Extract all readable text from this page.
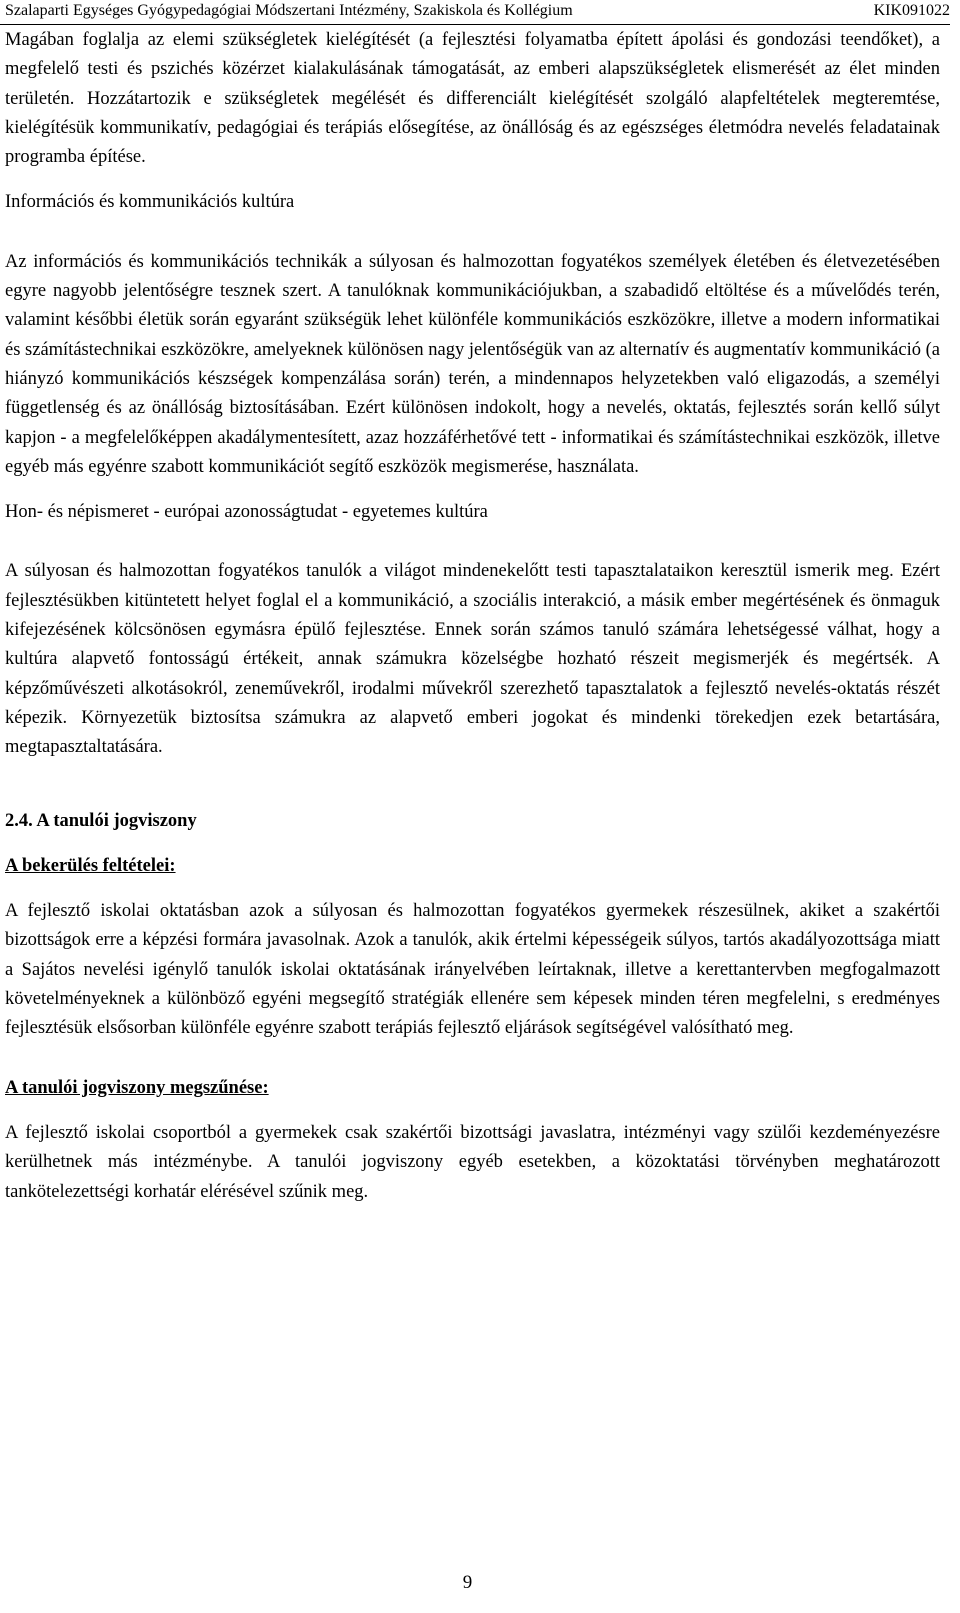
Szalaparti Egységes Gyógypedagógiai Módszertani Intézmény, Szakiskola és Kollégium	KIK091022

Magában foglalja az elemi szükségletek kielégítését (a fejlesztési folyamatba épített ápolási és gondozási teendőket), a megfelelő testi és pszichés közérzet kialakulásának támogatását, az emberi alapszükségletek elismerését az élet minden területén. Hozzátartozik e szükségletek megélését és differenciált kielégítését szolgáló alapfeltételek megteremtése, kielégítésük kommunikatív, pedagógiai és terápiás elősegítése, az önállóság és az egészséges életmódra nevelés feladatainak programba építése.

Információs és kommunikációs kultúra

Az információs és kommunikációs technikák a súlyosan és halmozottan fogyatékos személyek életében és életvezetésében egyre nagyobb jelentőségre tesznek szert. A tanulóknak kommunikációjukban, a szabadidő eltöltése és a művelődés terén, valamint későbbi életük során egyaránt szükségük lehet különféle kommunikációs eszközökre, illetve a modern informatikai és számítástechnikai eszközökre, amelyeknek különösen nagy jelentőségük van az alternatív és augmentatív kommunikáció (a hiányzó kommunikációs készségek kompenzálása során) terén, a mindennapos helyzetekben való eligazodás, a személyi függetlenség és az önállóság biztosításában. Ezért különösen indokolt, hogy a nevelés, oktatás, fejlesztés során kellő súlyt kapjon - a megfelelőképpen akadálymentesített, azaz hozzáférhetővé tett - informatikai és számítástechnikai eszközök, illetve egyéb más egyénre szabott kommunikációt segítő eszközök megismerése, használata.

Hon- és népismeret - európai azonosságtudat - egyetemes kultúra

A súlyosan és halmozottan fogyatékos tanulók a világot mindenekelőtt testi tapasztalataikon keresztül ismerik meg. Ezért fejlesztésükben kitüntetett helyet foglal el a kommunikáció, a szociális interakció, a másik ember megértésének és önmaguk kifejezésének kölcsönösen egymásra épülő fejlesztése. Ennek során számos tanuló számára lehetségessé válhat, hogy a kultúra alapvető fontosságú értékeit, annak számukra közelségbe hozható részeit megismerjék és megértsék. A képzőművészeti alkotásokról, zeneművekről, irodalmi művekről szerezhető tapasztalatok a fejlesztő nevelés-oktatás részét képezik. Környezetük biztosítsa számukra az alapvető emberi jogokat és mindenki törekedjen ezek betartására, megtapasztaltatására.

2.4. A tanulói jogviszony

A bekerülés feltételei:

A fejlesztő iskolai oktatásban azok a súlyosan és halmozottan fogyatékos gyermekek részesülnek, akiket a szakértői bizottságok erre a képzési formára javasolnak. Azok a tanulók, akik értelmi képességeik súlyos, tartós akadályozottsága miatt a Sajátos nevelési igénylő tanulók iskolai oktatásának irányelvében leírtaknak, illetve a kerettantervben megfogalmazott követelményeknek a különböző egyéni megsegítő stratégiák ellenére sem képesek minden téren megfelelni, s eredményes fejlesztésük elsősorban különféle egyénre szabott terápiás fejlesztő eljárások segítségével valósítható meg.

A tanulói jogviszony megszűnése:

A fejlesztő iskolai csoportból a gyermekek csak szakértői bizottsági javaslatra, intézményi vagy szülői kezdeményezésre kerülhetnek más intézménybe. A tanulói jogviszony egyéb esetekben, a közoktatási törvényben meghatározott tankötelezettségi korhatár elérésével szűnik meg.

9
